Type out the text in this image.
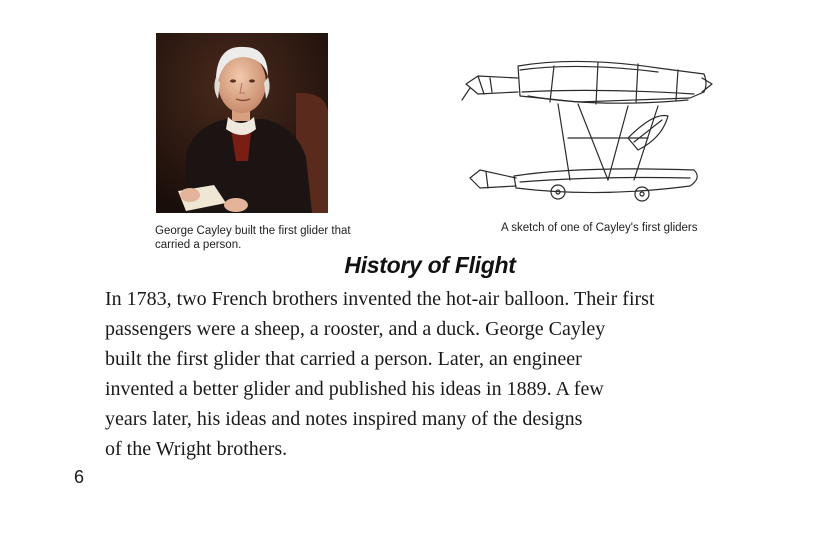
George Cayley built the first glider that carried a person.
A sketch of one of Cayley's first gliders
History of Flight

In 1783, two French brothers invented the hot-air balloon. Their first
passengers were a sheep, a rooster, and a duck. George Cayley
built the first glider that carried a person. Later, an engineer
invented a better glider and published his ideas in 1889. A few
years later, his ideas and notes inspired many of the designs
of the Wright brothers.

6
